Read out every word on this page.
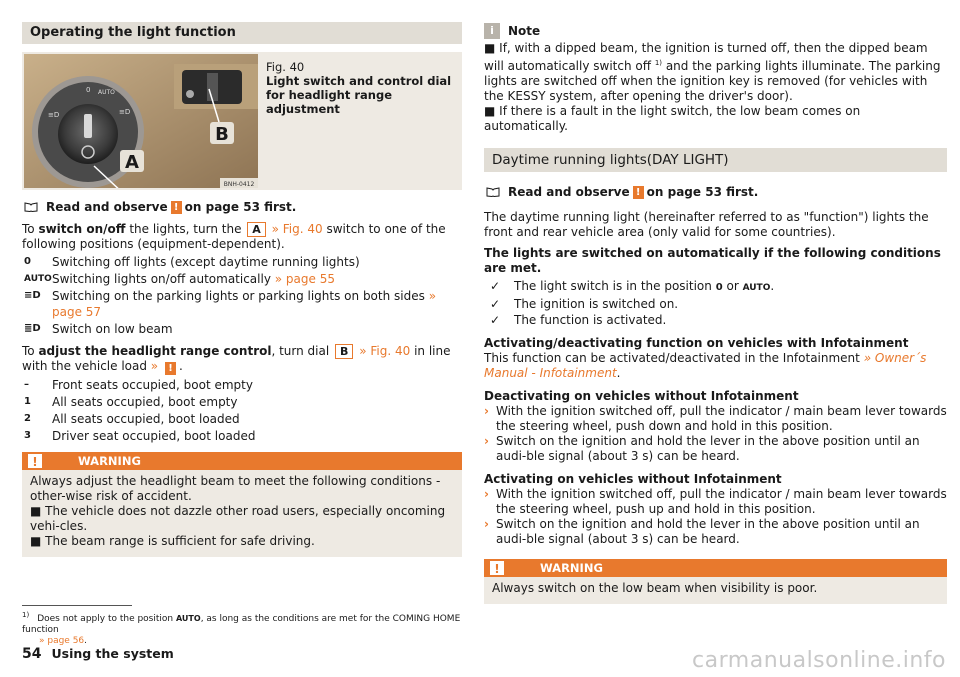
Operating the light function
0 AUTO
≡D	≡D
B
A
BNH-0412
Fig. 40
Light switch and control dial for headlight range adjustment
Read and observe ! on page 53 first.
To switch on/off the lights, turn the A » Fig. 40 switch to one of the following positions (equipment-dependent).
0	Switching off lights (except daytime running lights)
AUTO Switching lights on/off automatically » page 55
≡D Switching on the parking lights or parking lights on both sides » page 57
≣D Switch on low beam
To adjust the headlight range control, turn dial B » Fig. 40 in line with the vehicle load » ! .
–	Front seats occupied, boot empty
1	All seats occupied, boot empty
2	All seats occupied, boot loaded
3	Driver seat occupied, boot loaded
!	WARNING
Always adjust the headlight beam to meet the following conditions - other-wise risk of accident.
■ The vehicle does not dazzle other road users, especially oncoming vehi-cles.
■ The beam range is sufficient for safe driving.
i	Note
■ If, with a dipped beam, the ignition is turned off, then the dipped beam will automatically switch off $^{1)}$ and the parking lights illuminate. The parking lights are switched off when the ignition key is removed (for vehicles with the KESSY system, after opening the driver's door).
■ If there is a fault in the light switch, the low beam comes on automatically.
Daytime running lights(DAY LIGHT)
Read and observe ! on page 53 first.
The daytime running light (hereinafter referred to as "function") lights the front and rear vehicle area (only valid for some countries).
The lights are switched on automatically if the following conditions are met.
✓	The light switch is in the position 0 or AUTO.
✓	The ignition is switched on.
✓	The function is activated.
Activating/deactivating function on vehicles with Infotainment
This function can be activated/deactivated in the Infotainment » Owner´s Manual - Infotainment.
Deactivating on vehicles without Infotainment
› With the ignition switched off, pull the indicator / main beam lever towards the steering wheel, push down and hold in this position.
› Switch on the ignition and hold the lever in the above position until an audi-ble signal (about 3 s) can be heard.
Activating on vehicles without Infotainment
› With the ignition switched off, pull the indicator / main beam lever towards the steering wheel, push up and hold in this position.
› Switch on the ignition and hold the lever in the above position until an audi-ble signal (about 3 s) can be heard.
!	WARNING
Always switch on the low beam when visibility is poor.
$^{1)}$ Does not apply to the position AUTO, as long as the conditions are met for the COMING HOME function
» page 56.
54 Using the system	carmanualsonline.info
